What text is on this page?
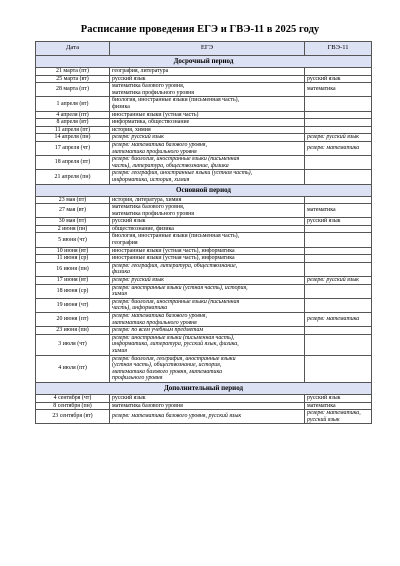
Расписание проведения ЕГЭ и ГВЭ-11 в 2025 году
Дата	ЕГЭ	ГВЭ-11
Досрочный период		
21 марта (пт)	география, литература	
25 марта (вт)	русский язык	русский язык
28 марта (пт)	математика базового уровня,
математика профильного уровня	математика
1 апреля (вт)	биология, иностранные языки (письменная часть),
физика	
4 апреля (пт)	иностранные языки (устная часть)	
8 апреля (вт)	информатика, обществознание	
11 апреля (пт)	история, химия	
14 апреля (пн)	резерв: русский язык	резерв: русский язык
17 апреля (чт)	резерв: математика базового уровня,
математика профильного уровня	резерв: математика
18 апреля (пт)	резерв: биология, иностранные языки (письменная
часть), литература, обществознание, физика	
21 апреля (пн)	резерв: география, иностранные языки (устная часть),
информатика, история, химия	
Основной период		
23 мая (пт)	история, литература, химия	
27 мая (вт)	математика базового уровня,
математика профильного уровня	математика
30 мая (пт)	русский язык	русский язык
2 июня (пн)	обществознание, физика	
5 июня (чт)	биология, иностранные языки (письменная часть),
география	
10 июня (вт)	иностранные языки (устная часть), информатика	
11 июня (ср)	иностранные языки (устная часть), информатика	
16 июня (пн)	резерв: география, литература, обществознание,
физика	
17 июня (вт)	резерв: русский язык	резерв: русский язык
18 июня (ср)	резерв: иностранные языки (устная часть), история,
химия	
19 июня (чт)	резерв: биология, иностранные языки (письменная
часть), информатика	
20 июня (пт)	резерв: математика базового уровня,
математика профильного уровня	резерв: математика
23 июня (пн)	резерв: по всем учебным предметам	
3 июля (чт)	резерв: иностранные языки (письменная часть),
информатика, литература, русский язык, физика,
химия	
4 июля (пт)	резерв: биология, география, иностранные языки
(устная часть), обществознание, история,
математика базового уровня, математика
профильного уровня	
Дополнительный период		
4 сентября (чт)	русский язык	русский язык
8 сентября (пн)	математика базового уровня	математика
23 сентября (вт)	резерв: математика базового уровня, русский язык	резерв: математика,
русский язык
